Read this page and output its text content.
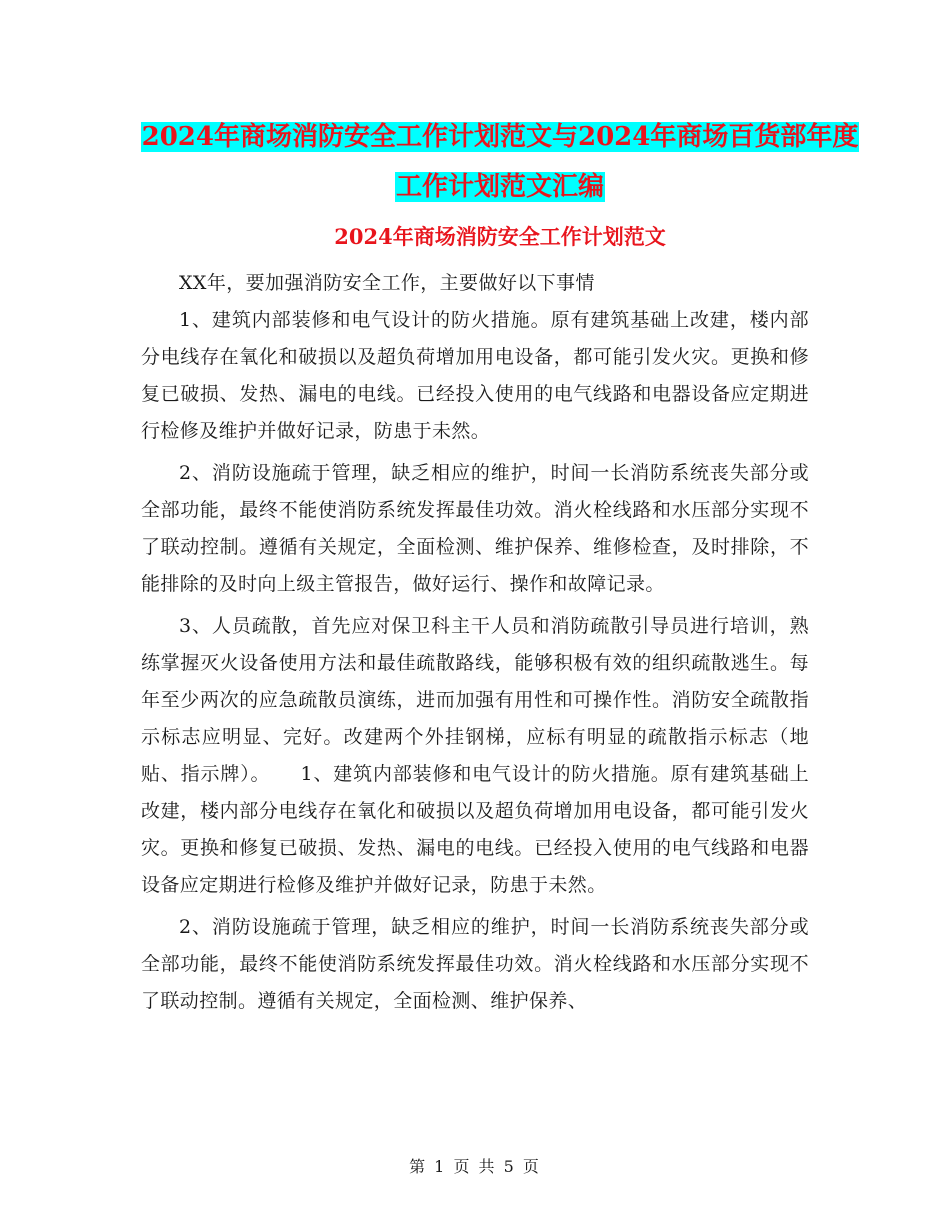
2024年商场消防安全工作计划范文与2024年商场百货部年度工作计划范文汇编
2024年商场消防安全工作计划范文

XX年，要加强消防安全工作，主要做好以下事情

1、建筑内部装修和电气设计的防火措施。原有建筑基础上改建，楼内部分电线存在氧化和破损以及超负荷增加用电设备，都可能引发火灾。更换和修复已破损、发热、漏电的电线。已经投入使用的电气线路和电器设备应定期进行检修及维护并做好记录，防患于未然。

2、消防设施疏于管理，缺乏相应的维护，时间一长消防系统丧失部分或全部功能，最终不能使消防系统发挥最佳功效。消火栓线路和水压部分实现不了联动控制。遵循有关规定，全面检测、维护保养、维修检查，及时排除，不能排除的及时向上级主管报告，做好运行、操作和故障记录。

3、人员疏散，首先应对保卫科主干人员和消防疏散引导员进行培训，熟练掌握灭火设备使用方法和最佳疏散路线，能够积极有效的组织疏散逃生。每年至少两次的应急疏散员演练，进而加强有用性和可操作性。消防安全疏散指示标志应明显、完好。改建两个外挂钢梯，应标有明显的疏散指示标志（地贴、指示牌）。　　1、建筑内部装修和电气设计的防火措施。原有建筑基础上改建，楼内部分电线存在氧化和破损以及超负荷增加用电设备，都可能引发火灾。更换和修复已破损、发热、漏电的电线。已经投入使用的电气线路和电器设备应定期进行检修及维护并做好记录，防患于未然。

2、消防设施疏于管理，缺乏相应的维护，时间一长消防系统丧失部分或全部功能，最终不能使消防系统发挥最佳功效。消火栓线路和水压部分实现不了联动控制。遵循有关规定，全面检测、维护保养、

第 1 页 共 5 页
